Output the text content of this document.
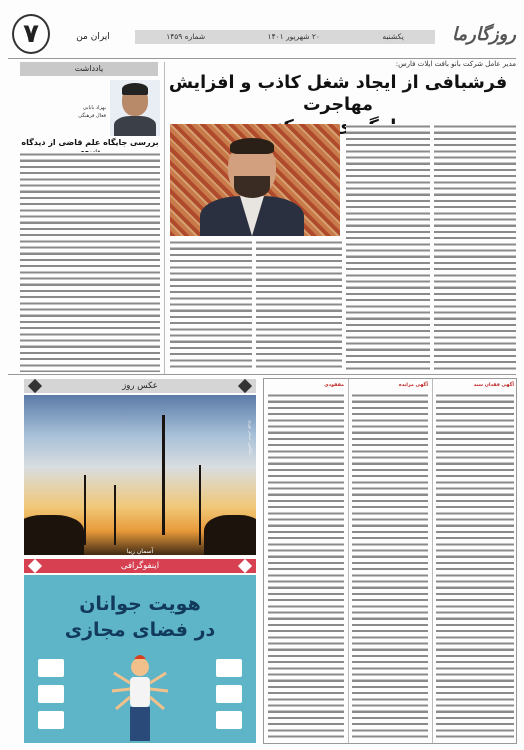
۷	ایران من	یکشنبه
۲۰ شهریور ۱۴۰۱
شماره ۱۴۵۹	روزگارما
مدیر عامل شرکت بانو بافت ایلات فارس:
فرشبافی از ایجاد شغل کاذب و افزایش مهاجرت
یادداشت
بهزاد بابایی
فعال فرهنگی
بررسی جایگاه علم قاضی از دیدگاه
عکس روز
آسمان زیبا
عکاس: سحر نوری
اینفوگرافی
هویت جوانان
در فضای مجازی
آگهی فقدان سند
آگهی مزایده
مفقودی
